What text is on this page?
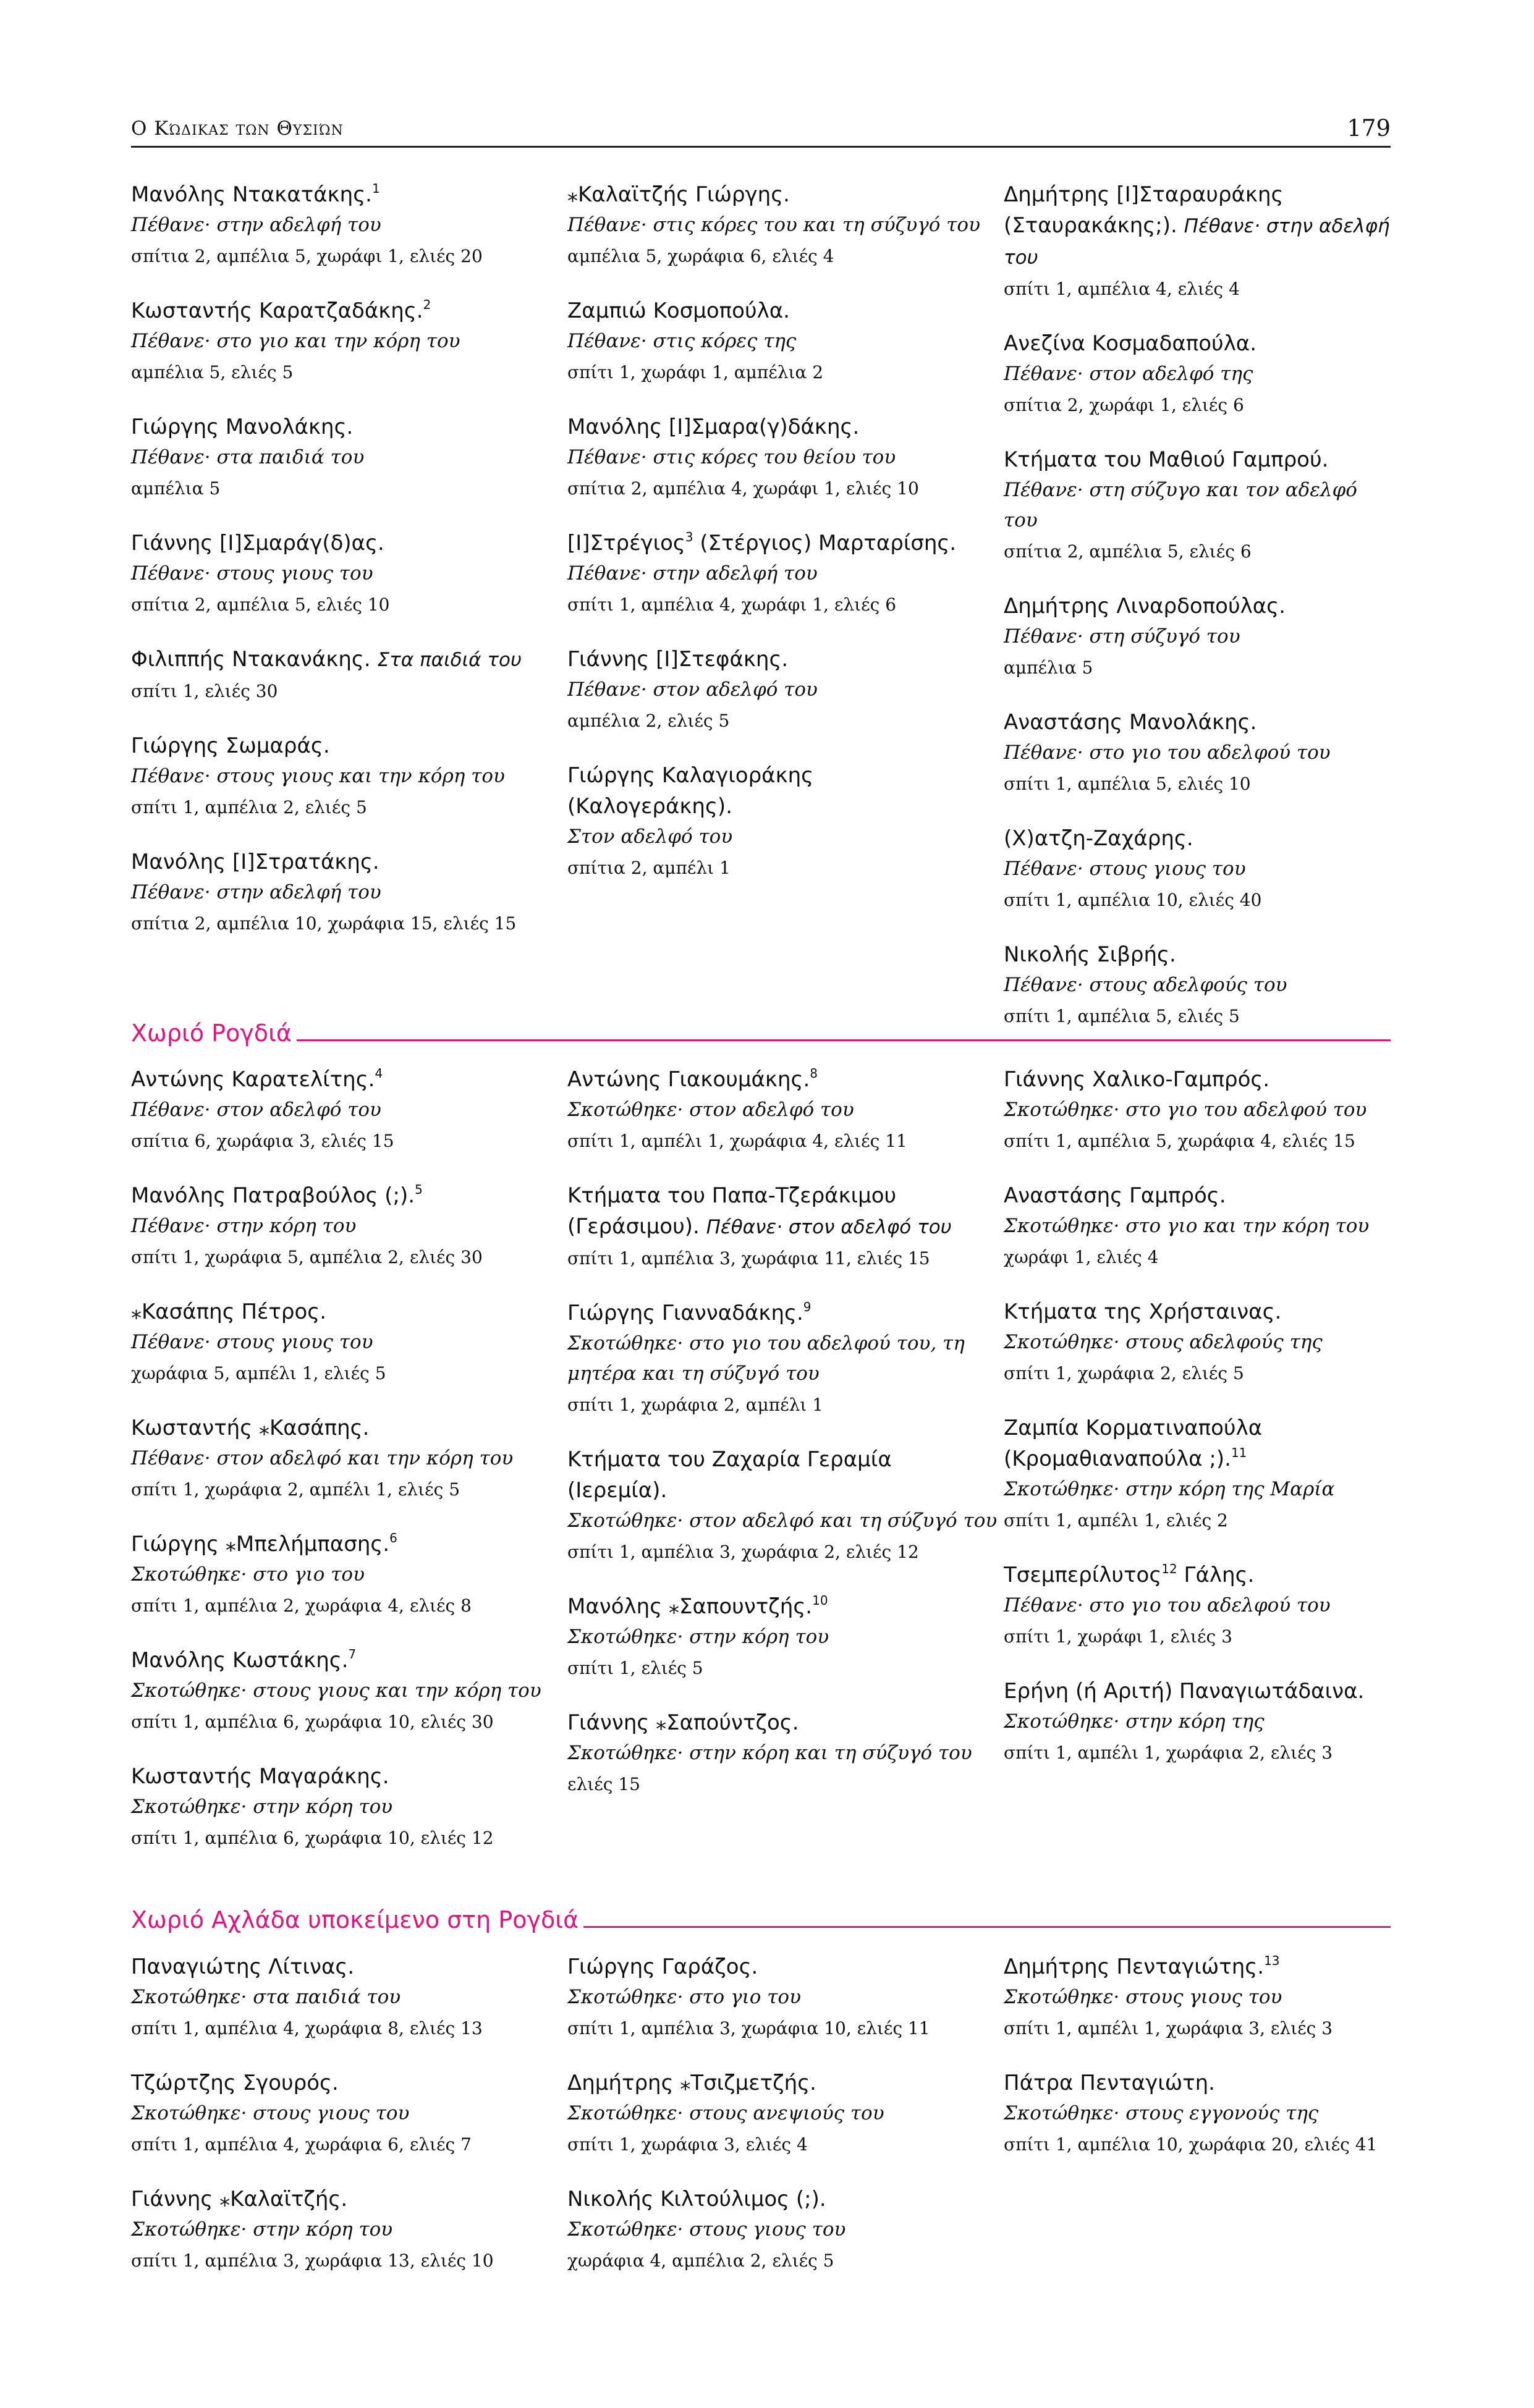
Ο Κώδικας των Θυσιών	179
Μανόλης Ντακατάκης.$^1$
Πέθανε· στην αδελφή του
σπίτια 2, αμπέλια 5, χωράφι 1, ελιές 20
Κωσταντής Καρατζαδάκης.$^2$
Πέθανε· στο γιο και την κόρη του
αμπέλια 5, ελιές 5
Γιώργης Μανολάκης.
Πέθανε· στα παιδιά του
αμπέλια 5
Γιάννης [Ι]Σμαράγ(δ)ας.
Πέθανε· στους γιους του
σπίτια 2, αμπέλια 5, ελιές 10
Φιλιππής Ντακανάκης. Στα παιδιά του
σπίτι 1, ελιές 30
Γιώργης Σωμαράς.
Πέθανε· στους γιους και την κόρη του
σπίτι 1, αμπέλια 2, ελιές 5
Μανόλης [Ι]Στρατάκης.
Πέθανε· στην αδελφή του
σπίτια 2, αμπέλια 10, χωράφια 15, ελιές 15
⁎Καλαϊτζής Γιώργης.
Πέθανε· στις κόρες του και τη σύζυγό του
αμπέλια 5, χωράφια 6, ελιές 4
Ζαμπιώ Κοσμοπούλα.
Πέθανε· στις κόρες της
σπίτι 1, χωράφι 1, αμπέλια 2
Μανόλης [Ι]Σμαρα(γ)δάκης.
Πέθανε· στις κόρες του θείου του
σπίτια 2, αμπέλια 4, χωράφι 1, ελιές 10
[Ι]Στρέγιος$^3$ (Στέργιος) Μαρταρίσης.
Πέθανε· στην αδελφή του
σπίτι 1, αμπέλια 4, χωράφι 1, ελιές 6
Γιάννης [Ι]Στεφάκης.
Πέθανε· στον αδελφό του
αμπέλια 2, ελιές 5
Γιώργης Καλαγιοράκης
(Καλογεράκης).
Στον αδελφό του
σπίτια 2, αμπέλι 1
Δημήτρης [Ι]Σταραυράκης
(Σταυρακάκης;). Πέθανε· στην αδελφή του
σπίτι 1, αμπέλια 4, ελιές 4
Ανεζίνα Κοσμαδαπούλα.
Πέθανε· στον αδελφό της
σπίτια 2, χωράφι 1, ελιές 6
Κτήματα του Μαθιού Γαμπρού.
Πέθανε· στη σύζυγο και τον αδελφό του
σπίτια 2, αμπέλια 5, ελιές 6
Δημήτρης Λιναρδοπούλας.
Πέθανε· στη σύζυγό του
αμπέλια 5
Αναστάσης Μανολάκης.
Πέθανε· στο γιο του αδελφού του
σπίτι 1, αμπέλια 5, ελιές 10
(Χ)ατζη-Ζαχάρης.
Πέθανε· στους γιους του
σπίτι 1, αμπέλια 10, ελιές 40
Νικολής Σιβρής.
Πέθανε· στους αδελφούς του
σπίτι 1, αμπέλια 5, ελιές 5
Χωριό Ρογδιά
Αντώνης Καρατελίτης.$^4$
Πέθανε· στον αδελφό του
σπίτια 6, χωράφια 3, ελιές 15
Μανόλης Πατραβούλος (;).$^5$
Πέθανε· στην κόρη του
σπίτι 1, χωράφια 5, αμπέλια 2, ελιές 30
⁎Κασάπης Πέτρος.
Πέθανε· στους γιους του
χωράφια 5, αμπέλι 1, ελιές 5
Κωσταντής ⁎Κασάπης.
Πέθανε· στον αδελφό και την κόρη του
σπίτι 1, χωράφια 2, αμπέλι 1, ελιές 5
Γιώργης ⁎Μπελήμπασης.$^6$
Σκοτώθηκε· στο γιο του
σπίτι 1, αμπέλια 2, χωράφια 4, ελιές 8
Μανόλης Κωστάκης.$^7$
Σκοτώθηκε· στους γιους και την κόρη του
σπίτι 1, αμπέλια 6, χωράφια 10, ελιές 30
Κωσταντής Μαγαράκης.
Σκοτώθηκε· στην κόρη του
σπίτι 1, αμπέλια 6, χωράφια 10, ελιές 12
Αντώνης Γιακουμάκης.$^8$
Σκοτώθηκε· στον αδελφό του
σπίτι 1, αμπέλι 1, χωράφια 4, ελιές 11
Κτήματα του Παπα-Τζεράκιμου
(Γεράσιμου). Πέθανε· στον αδελφό του
σπίτι 1, αμπέλια 3, χωράφια 11, ελιές 15
Γιώργης Γιανναδάκης.$^9$
Σκοτώθηκε· στο γιο του αδελφού του, τη
μητέρα και τη σύζυγό του
σπίτι 1, χωράφια 2, αμπέλι 1
Κτήματα του Ζαχαρία Γεραμία
(Ιερεμία).
Σκοτώθηκε· στον αδελφό και τη σύζυγό του
σπίτι 1, αμπέλια 3, χωράφια 2, ελιές 12
Μανόλης ⁎Σαπουντζής.$^{10}$
Σκοτώθηκε· στην κόρη του
σπίτι 1, ελιές 5
Γιάννης ⁎Σαπούντζος.
Σκοτώθηκε· στην κόρη και τη σύζυγό του
ελιές 15
Γιάννης Χαλικο-Γαμπρός.
Σκοτώθηκε· στο γιο του αδελφού του
σπίτι 1, αμπέλια 5, χωράφια 4, ελιές 15
Αναστάσης Γαμπρός.
Σκοτώθηκε· στο γιο και την κόρη του
χωράφι 1, ελιές 4
Κτήματα της Χρήσταινας.
Σκοτώθηκε· στους αδελφούς της
σπίτι 1, χωράφια 2, ελιές 5
Ζαμπία Κορματιναπούλα
(Κρομαθιαναπούλα ;).$^{11}$
Σκοτώθηκε· στην κόρη της Μαρία
σπίτι 1, αμπέλι 1, ελιές 2
Τσεμπερίλυτος$^{12}$ Γάλης.
Πέθανε· στο γιο του αδελφού του
σπίτι 1, χωράφι 1, ελιές 3
Ερήνη (ή Αριτή) Παναγιωτάδαινα.
Σκοτώθηκε· στην κόρη της
σπίτι 1, αμπέλι 1, χωράφια 2, ελιές 3
Χωριό Αχλάδα υποκείμενο στη Ρογδιά
Παναγιώτης Λίτινας.
Σκοτώθηκε· στα παιδιά του
σπίτι 1, αμπέλια 4, χωράφια 8, ελιές 13
Τζώρτζης Σγουρός.
Σκοτώθηκε· στους γιους του
σπίτι 1, αμπέλια 4, χωράφια 6, ελιές 7
Γιάννης ⁎Καλαϊτζής.
Σκοτώθηκε· στην κόρη του
σπίτι 1, αμπέλια 3, χωράφια 13, ελιές 10
Γιώργης Γαράζος.
Σκοτώθηκε· στο γιο του
σπίτι 1, αμπέλια 3, χωράφια 10, ελιές 11
Δημήτρης ⁎Τσιζμετζής.
Σκοτώθηκε· στους ανεψιούς του
σπίτι 1, χωράφια 3, ελιές 4
Νικολής Κιλτούλιμος (;).
Σκοτώθηκε· στους γιους του
χωράφια 4, αμπέλια 2, ελιές 5
Δημήτρης Πενταγιώτης.$^{13}$
Σκοτώθηκε· στους γιους του
σπίτι 1, αμπέλι 1, χωράφια 3, ελιές 3
Πάτρα Πενταγιώτη.
Σκοτώθηκε· στους εγγονούς της
σπίτι 1, αμπέλια 10, χωράφια 20, ελιές 41
